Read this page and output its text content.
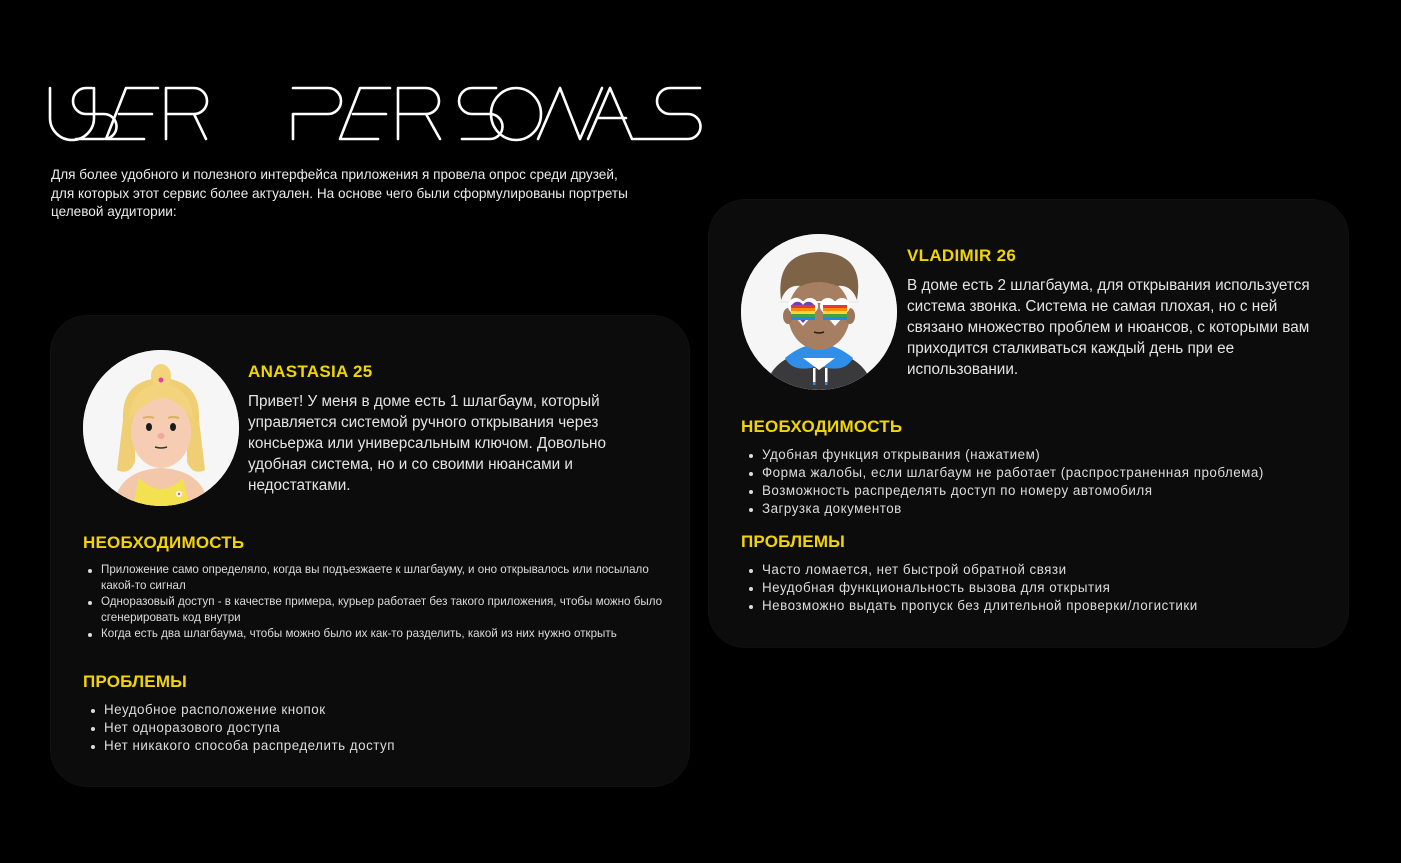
Для более удобного и полезного интерфейса приложения я провела опрос среди друзей, для которых этот сервис более актуален. На основе чего были сформулированы портреты целевой аудитории:

ANASTASIA 25

Привет! У меня в доме есть 1 шлагбаум, который управляется системой ручного открывания через консьержа или универсальным ключом. Довольно удобная система, но и со своими нюансами и недостатками.

НЕОБХОДИМОСТЬ
Приложение само определяло, когда вы подъезжаете к шлагбауму, и оно открывалось или посылало какой-то сигнал
Одноразовый доступ - в качестве примера, курьер работает без такого приложения, чтобы можно было сгенерировать код внутри
Когда есть два шлагбаума, чтобы можно было их как-то разделить, какой из них нужно открыть
ПРОБЛЕМЫ
Неудобное расположение кнопок
Нет одноразового доступа
Нет никакого способа распределить доступ
VLADIMIR 26

В доме есть 2 шлагбаума, для открывания используется система звонка. Система не самая плохая, но с ней связано множество проблем и нюансов, с которыми вам приходится сталкиваться каждый день при ее использовании.

НЕОБХОДИМОСТЬ
Удобная функция открывания (нажатием)
Форма жалобы, если шлагбаум не работает (распространенная проблема)
Возможность распределять доступ по номеру автомобиля
Загрузка документов
ПРОБЛЕМЫ
Часто ломается, нет быстрой обратной связи
Неудобная функциональность вызова для открытия
Невозможно выдать пропуск без длительной проверки/логистики
